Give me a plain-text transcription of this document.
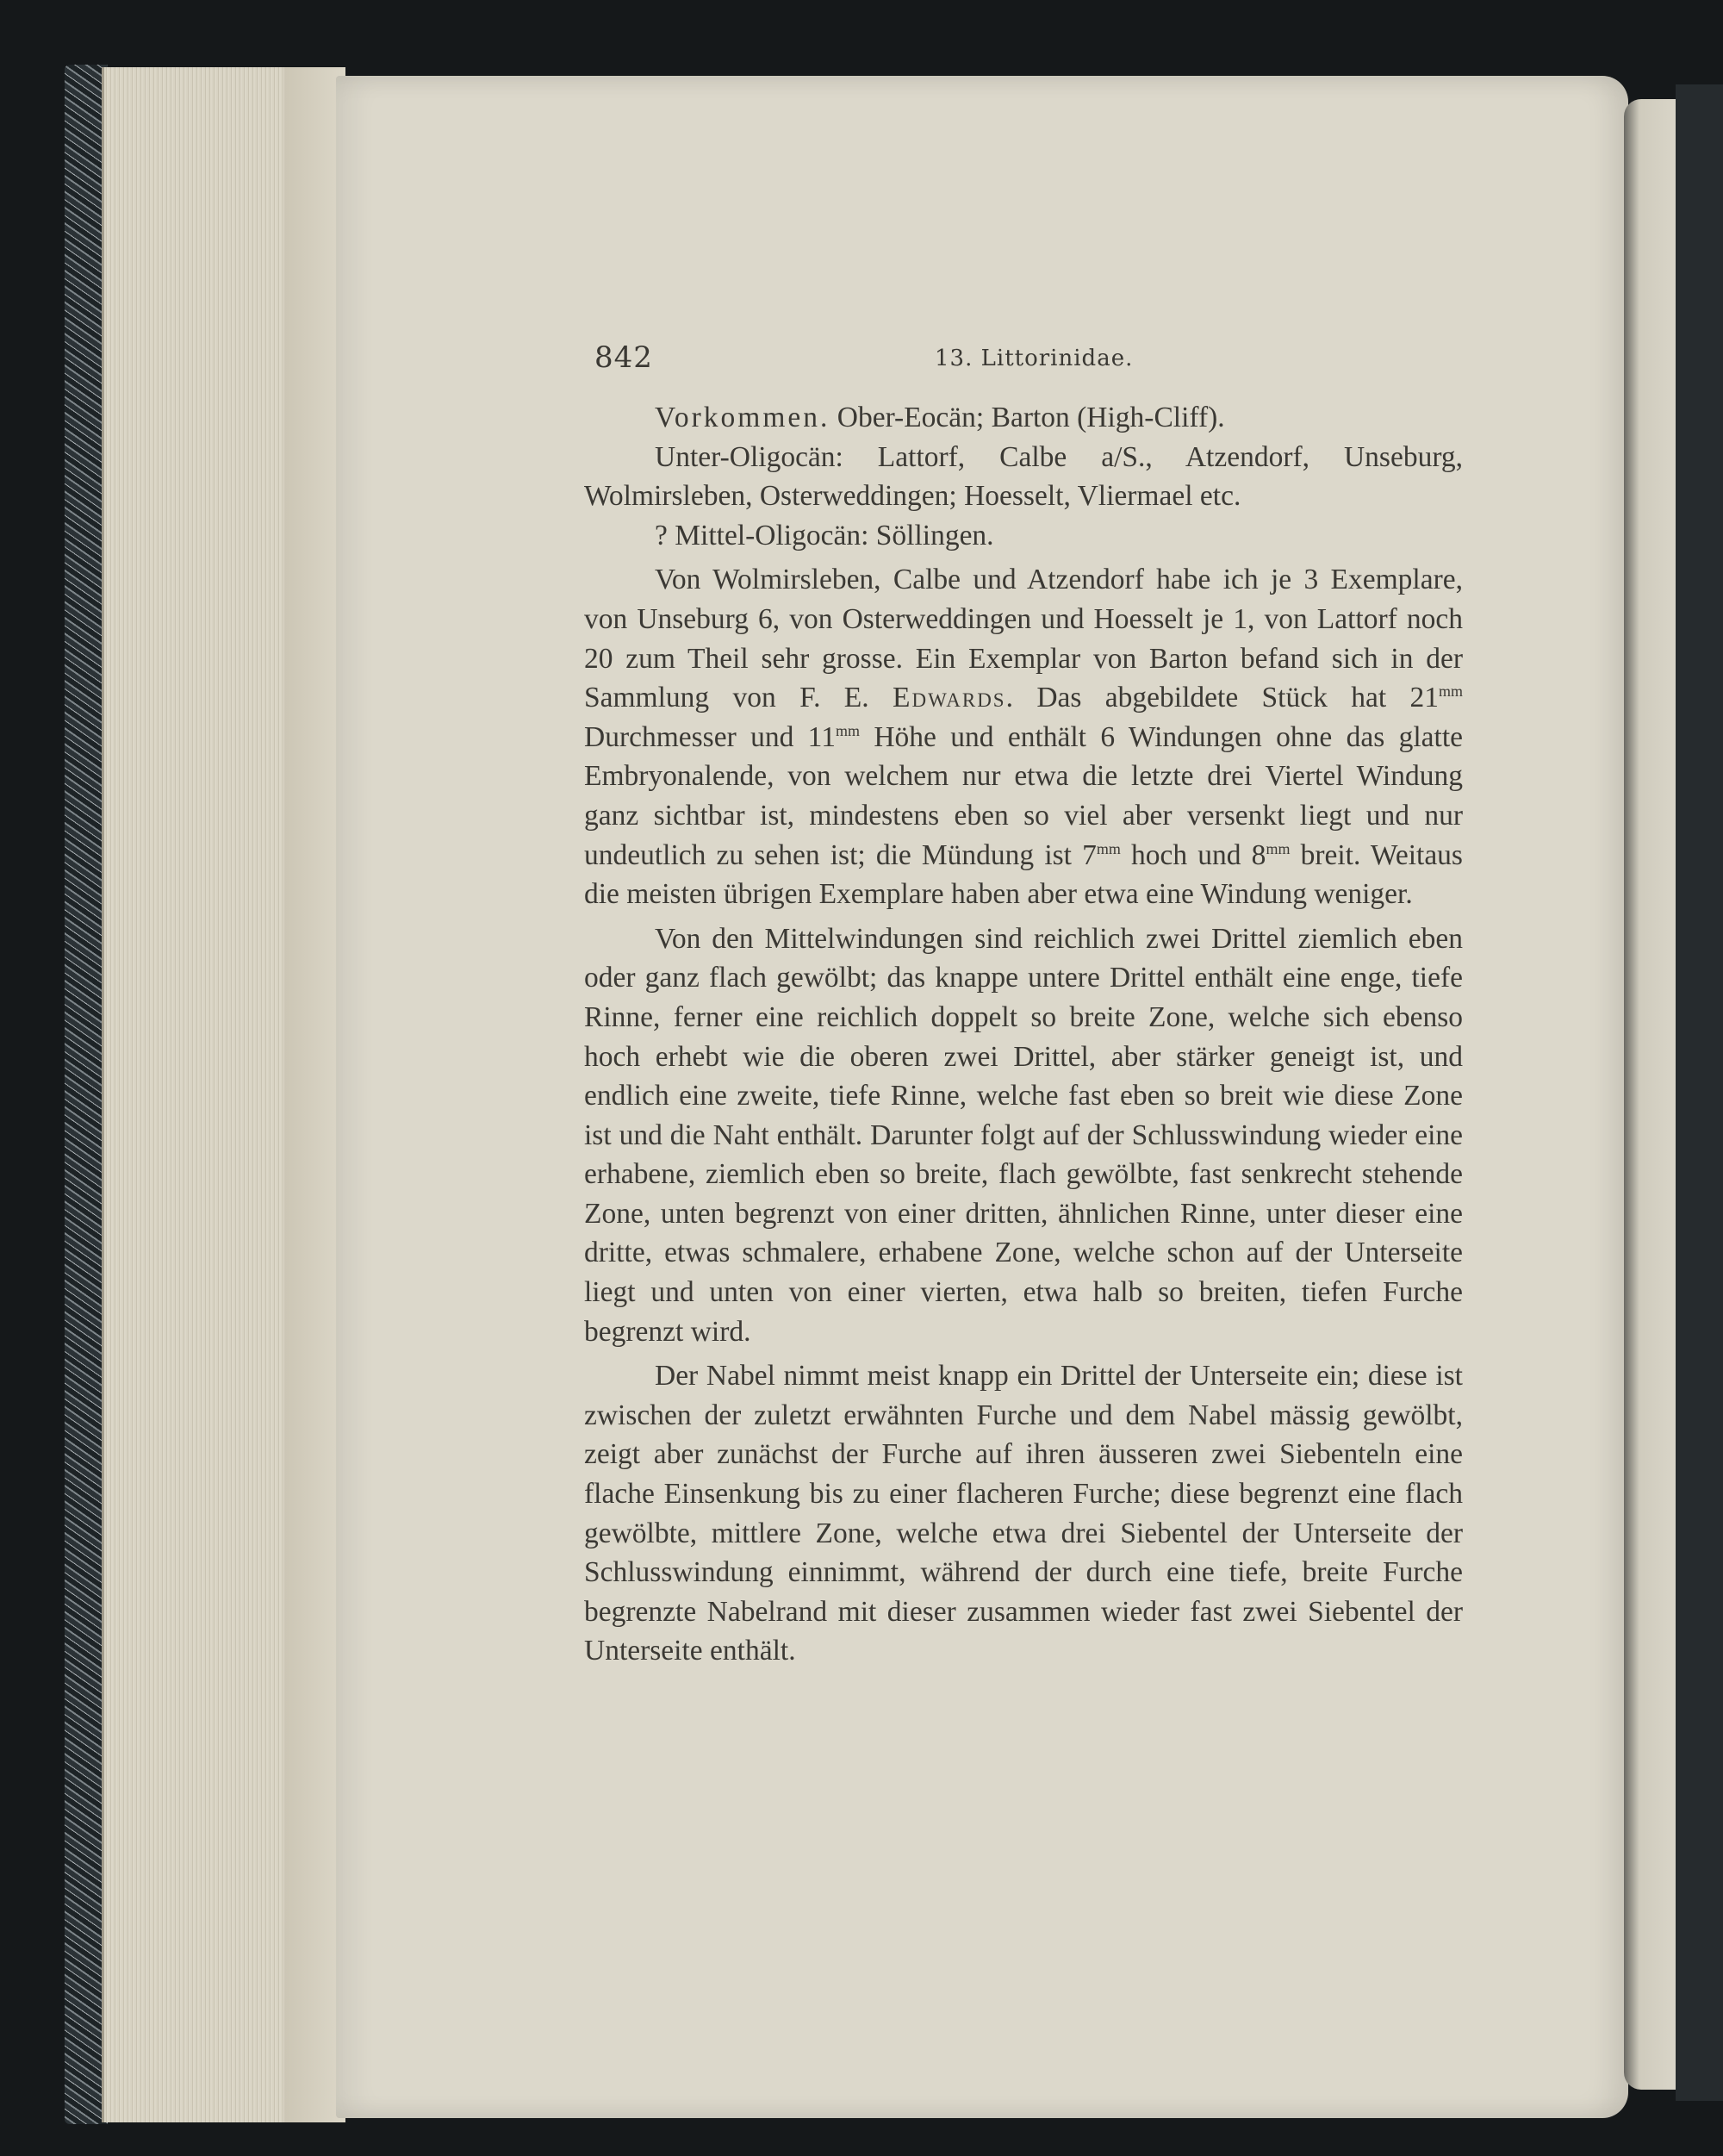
842	13. Littorinidae.

Vorkommen. Ober-Eocän; Barton (High-Cliff).

Unter-Oligocän: Lattorf, Calbe a/S., Atzendorf, Unseburg, Wolmirsleben, Osterweddingen; Hoesselt, Vliermael etc.

? Mittel-Oligocän: Söllingen.

Von Wolmirsleben, Calbe und Atzendorf habe ich je 3 Exemplare, von Unseburg 6, von Osterweddingen und Hoesselt je 1, von Lattorf noch 20 zum Theil sehr grosse. Ein Exemplar von Barton befand sich in der Sammlung von F. E. Edwards. Das abgebildete Stück hat $21^{mm}$ Durchmesser und $11^{mm}$ Höhe und enthält 6 Windungen ohne das glatte Embryonalende, von welchem nur etwa die letzte drei Viertel Windung ganz sichtbar ist, mindestens eben so viel aber versenkt liegt und nur undeutlich zu sehen ist; die Mündung ist $7^{mm}$ hoch und $8^{mm}$ breit. Weitaus die meisten übrigen Exemplare haben aber etwa eine Windung weniger.

Von den Mittelwindungen sind reichlich zwei Drittel ziemlich eben oder ganz flach gewölbt; das knappe untere Drittel enthält eine enge, tiefe Rinne, ferner eine reichlich doppelt so breite Zone, welche sich ebenso hoch erhebt wie die oberen zwei Drittel, aber stärker geneigt ist, und endlich eine zweite, tiefe Rinne, welche fast eben so breit wie diese Zone ist und die Naht enthält. Darunter folgt auf der Schlusswindung wieder eine erhabene, ziemlich eben so breite, flach gewölbte, fast senkrecht stehende Zone, unten begrenzt von einer dritten, ähnlichen Rinne, unter dieser eine dritte, etwas schmalere, erhabene Zone, welche schon auf der Unterseite liegt und unten von einer vierten, etwa halb so breiten, tiefen Furche begrenzt wird.

Der Nabel nimmt meist knapp ein Drittel der Unterseite ein; diese ist zwischen der zuletzt erwähnten Furche und dem Nabel mässig gewölbt, zeigt aber zunächst der Furche auf ihren äusseren zwei Siebenteln eine flache Einsenkung bis zu einer flacheren Furche; diese begrenzt eine flach gewölbte, mittlere Zone, welche etwa drei Siebentel der Unterseite der Schlusswindung einnimmt, während der durch eine tiefe, breite Furche begrenzte Nabelrand mit dieser zusammen wieder fast zwei Siebentel der Unterseite enthält.
